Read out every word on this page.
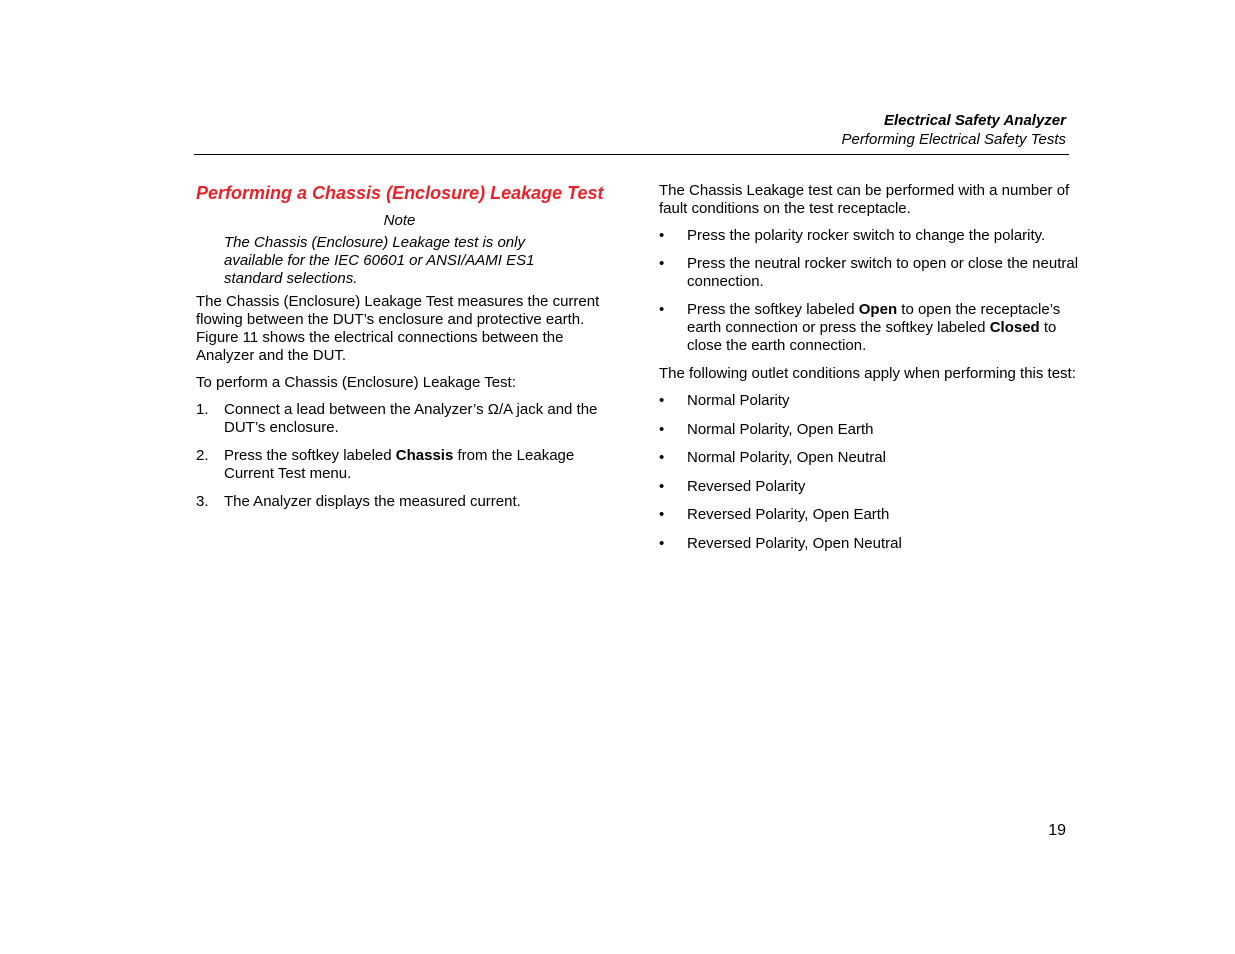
Electrical Safety Analyzer
Performing Electrical Safety Tests
Performing a Chassis (Enclosure) Leakage Test
Note
The Chassis (Enclosure) Leakage test is only available for the IEC 60601 or ANSI/AAMI ES1 standard selections.

The Chassis (Enclosure) Leakage Test measures the current flowing between the DUT’s enclosure and protective earth. Figure 11 shows the electrical connections between the Analyzer and the DUT.

To perform a Chassis (Enclosure) Leakage Test:

1. Connect a lead between the Analyzer’s Ω/A jack and the DUT’s enclosure.
2. Press the softkey labeled Chassis from the Leakage Current Test menu.
3. The Analyzer displays the measured current.

The Chassis Leakage test can be performed with a number of fault conditions on the test receptacle.

• Press the polarity rocker switch to change the polarity.
• Press the neutral rocker switch to open or close the neutral connection.
• Press the softkey labeled Open to open the receptacle’s earth connection or press the softkey labeled Closed to close the earth connection.

The following outlet conditions apply when performing this test:

• Normal Polarity
• Normal Polarity, Open Earth
• Normal Polarity, Open Neutral
• Reversed Polarity
• Reversed Polarity, Open Earth
• Reversed Polarity, Open Neutral
19
